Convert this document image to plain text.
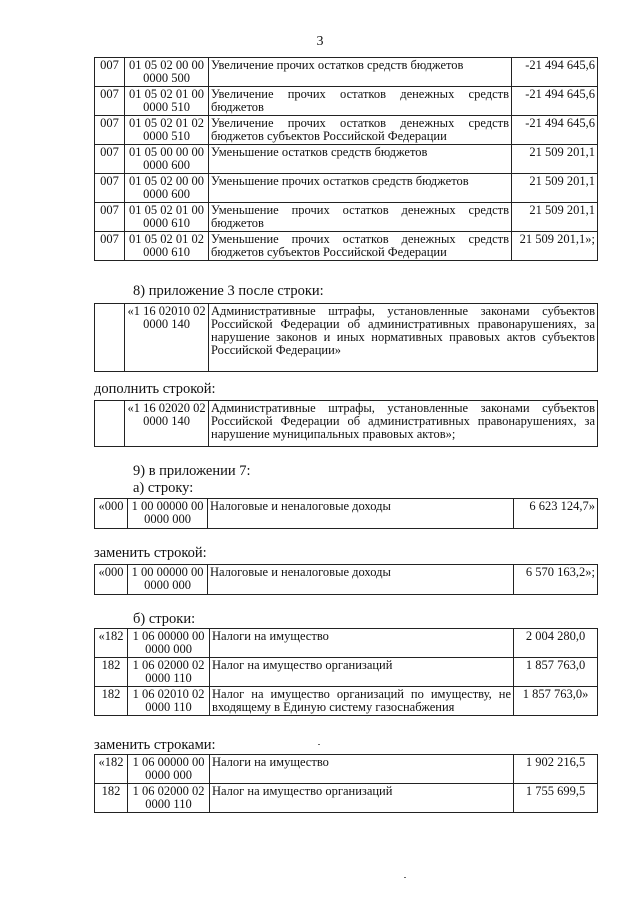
3
007	01 05 02 00 00 0000 500	Увеличение прочих остатков средств бюджетов	-21 494 645,6
007	01 05 02 01 00 0000 510	Увеличение прочих остатков денежных средств бюджетов	-21 494 645,6
007	01 05 02 01 02 0000 510	Увеличение прочих остатков денежных средств бюджетов субъектов Российской Федерации	-21 494 645,6
007	01 05 00 00 00 0000 600	Уменьшение остатков средств бюджетов	21 509 201,1
007	01 05 02 00 00 0000 600	Уменьшение прочих остатков средств бюджетов	21 509 201,1
007	01 05 02 01 00 0000 610	Уменьшение прочих остатков денежных средств бюджетов	21 509 201,1
007	01 05 02 01 02 0000 610	Уменьшение прочих остатков денежных средств бюджетов субъектов Российской Федерации	21 509 201,1»;
8) приложение 3 после строки:
	«1 16 02010 02 0000 140	Административные штрафы, установленные законами субъектов Российской Федерации об административных правонарушениях, за нарушение законов и иных нормативных правовых актов субъектов Российской Федерации»
дополнить строкой:
	«1 16 02020 02 0000 140	Административные штрафы, установленные законами субъектов Российской Федерации об административных правонарушениях, за нарушение муниципальных правовых актов»;
9) в приложении 7:
а) строку:
«000	1 00 00000 00 0000 000	Налоговые и неналоговые доходы	6 623 124,7»
заменить строкой:
«000	1 00 00000 00 0000 000	Налоговые и неналоговые доходы	6 570 163,2»;
б) строки:
«182	1 06 00000 00 0000 000	Налоги на имущество	2 004 280,0
182	1 06 02000 02 0000 110	Налог на имущество организаций	1 857 763,0
182	1 06 02010 02 0000 110	Налог на имущество организаций по имуществу, не входящему в Единую систему газоснабжения	1 857 763,0»
заменить строками:
«182	1 06 00000 00 0000 000	Налоги на имущество	1 902 216,5
182	1 06 02000 02 0000 110	Налог на имущество организаций	1 755 699,5
